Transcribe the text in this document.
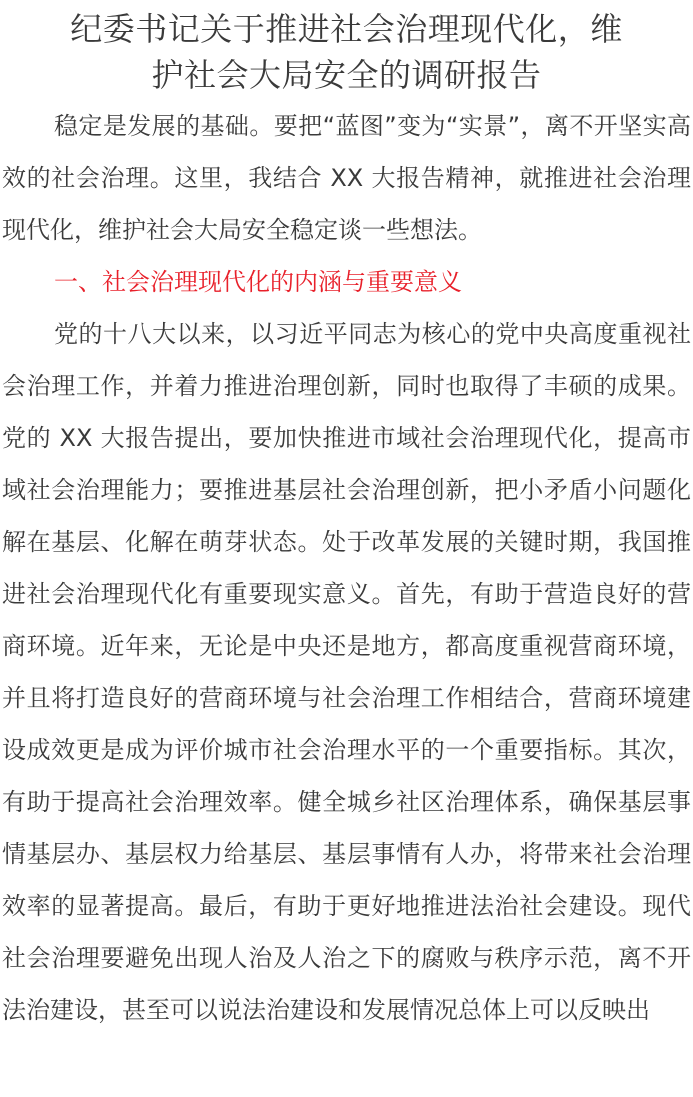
纪委书记关于推进社会治理现代化，维
护社会大局安全的调研报告

稳定是发展的基础。要把“蓝图”变为“实景”，离不开坚实高效的社会治理。这里，我结合 XX 大报告精神，就推进社会治理现代化，维护社会大局安全稳定谈一些想法。

一、社会治理现代化的内涵与重要意义

党的十八大以来，以习近平同志为核心的党中央高度重视社会治理工作，并着力推进治理创新，同时也取得了丰硕的成果。党的 XX 大报告提出，要加快推进市域社会治理现代化，提高市域社会治理能力；要推进基层社会治理创新，把小矛盾小问题化解在基层、化解在萌芽状态。处于改革发展的关键时期，我国推进社会治理现代化有重要现实意义。首先，有助于营造良好的营商环境。近年来，无论是中央还是地方，都高度重视营商环境，并且将打造良好的营商环境与社会治理工作相结合，营商环境建设成效更是成为评价城市社会治理水平的一个重要指标。其次，有助于提高社会治理效率。健全城乡社区治理体系，确保基层事情基层办、基层权力给基层、基层事情有人办，将带来社会治理效率的显著提高。最后，有助于更好地推进法治社会建设。现代社会治理要避免出现人治及人治之下的腐败与秩序示范，离不开法治建设，甚至可以说法治建设和发展情况总体上可以反映出
